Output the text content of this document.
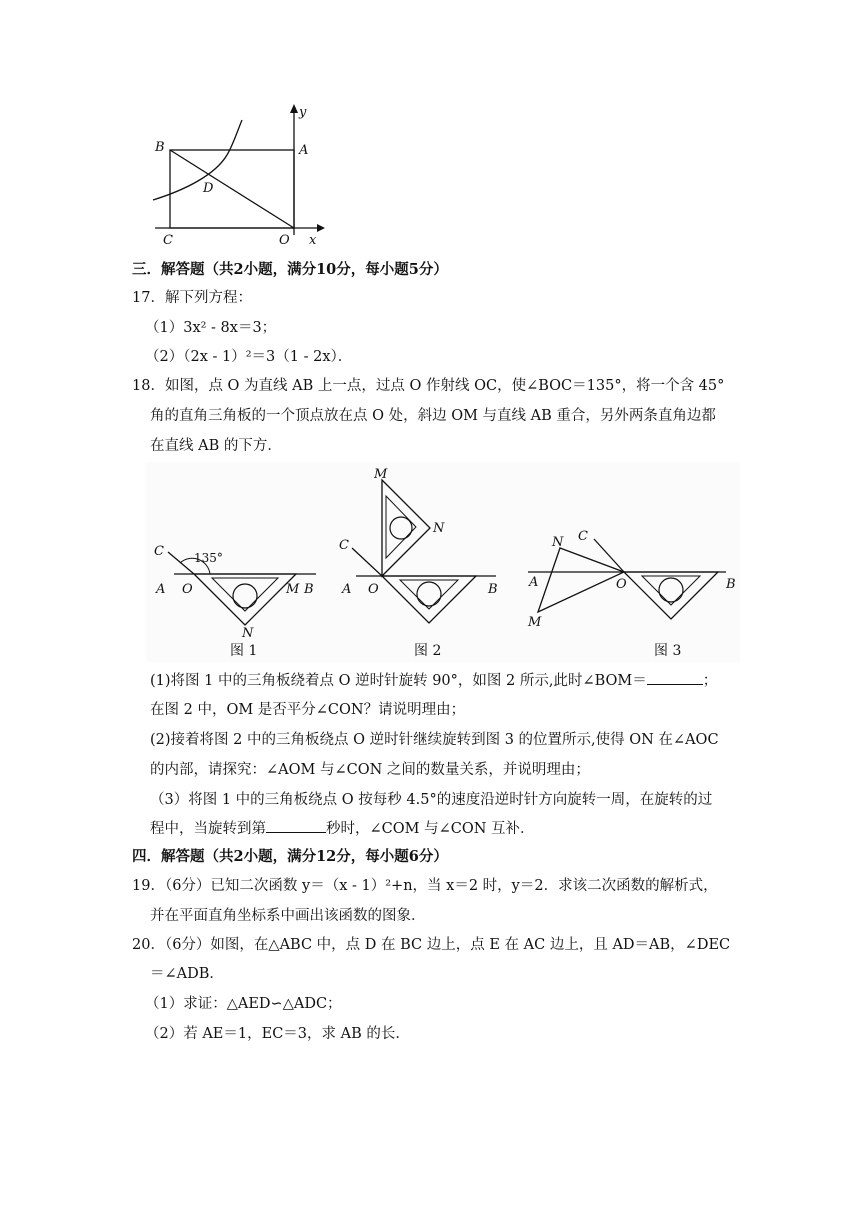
B	A
D
C	O x
y
三．解答题（共2小题，满分10分，每小题5分）
17．解下列方程：
（1）3x² ‑ 8x＝3；
（2）（2x ‑ 1）²＝3（1 ‑ 2x）．
18．如图，点 O 为直线 AB 上一点，过点 O 作射线 OC，使∠BOC＝135°，将一个含 45°
角的直角三角板的一个顶点放在点 O 处，斜边 OM 与直线 AB 重合，另外两条直角边都
在直线 AB 的下方．
A O
C	135°
M B
N
图 1
M
N
C
A O	B
图 2
N C
A	O	B
M
图 3
(1)将图 1 中的三角板绕着点 O 逆时针旋转 90°，如图 2 所示,此时∠BOM＝	；
在图 2 中，OM 是否平分∠CON？请说明理由；
(2)接着将图 2 中的三角板绕点 O 逆时针继续旋转到图 3 的位置所示,使得 ON 在∠AOC
的内部，请探究：∠AOM 与∠CON 之间的数量关系，并说明理由；
（3）将图 1 中的三角板绕点 O 按每秒 4.5°的速度沿逆时针方向旋转一周，在旋转的过
程中，当旋转到第	秒时，∠COM 与∠CON 互补．
四．解答题（共2小题，满分12分，每小题6分）
19．（6分）已知二次函数 y＝（x ‑ 1）²+n，当 x＝2 时，y＝2．求该二次函数的解析式，
并在平面直角坐标系中画出该函数的图象．
20．（6分）如图，在△ABC 中，点 D 在 BC 边上，点 E 在 AC 边上，且 AD＝AB，∠DEC
＝∠ADB．
（1）求证：△AED∽△ADC；
（2）若 AE＝1，EC＝3，求 AB 的长．
